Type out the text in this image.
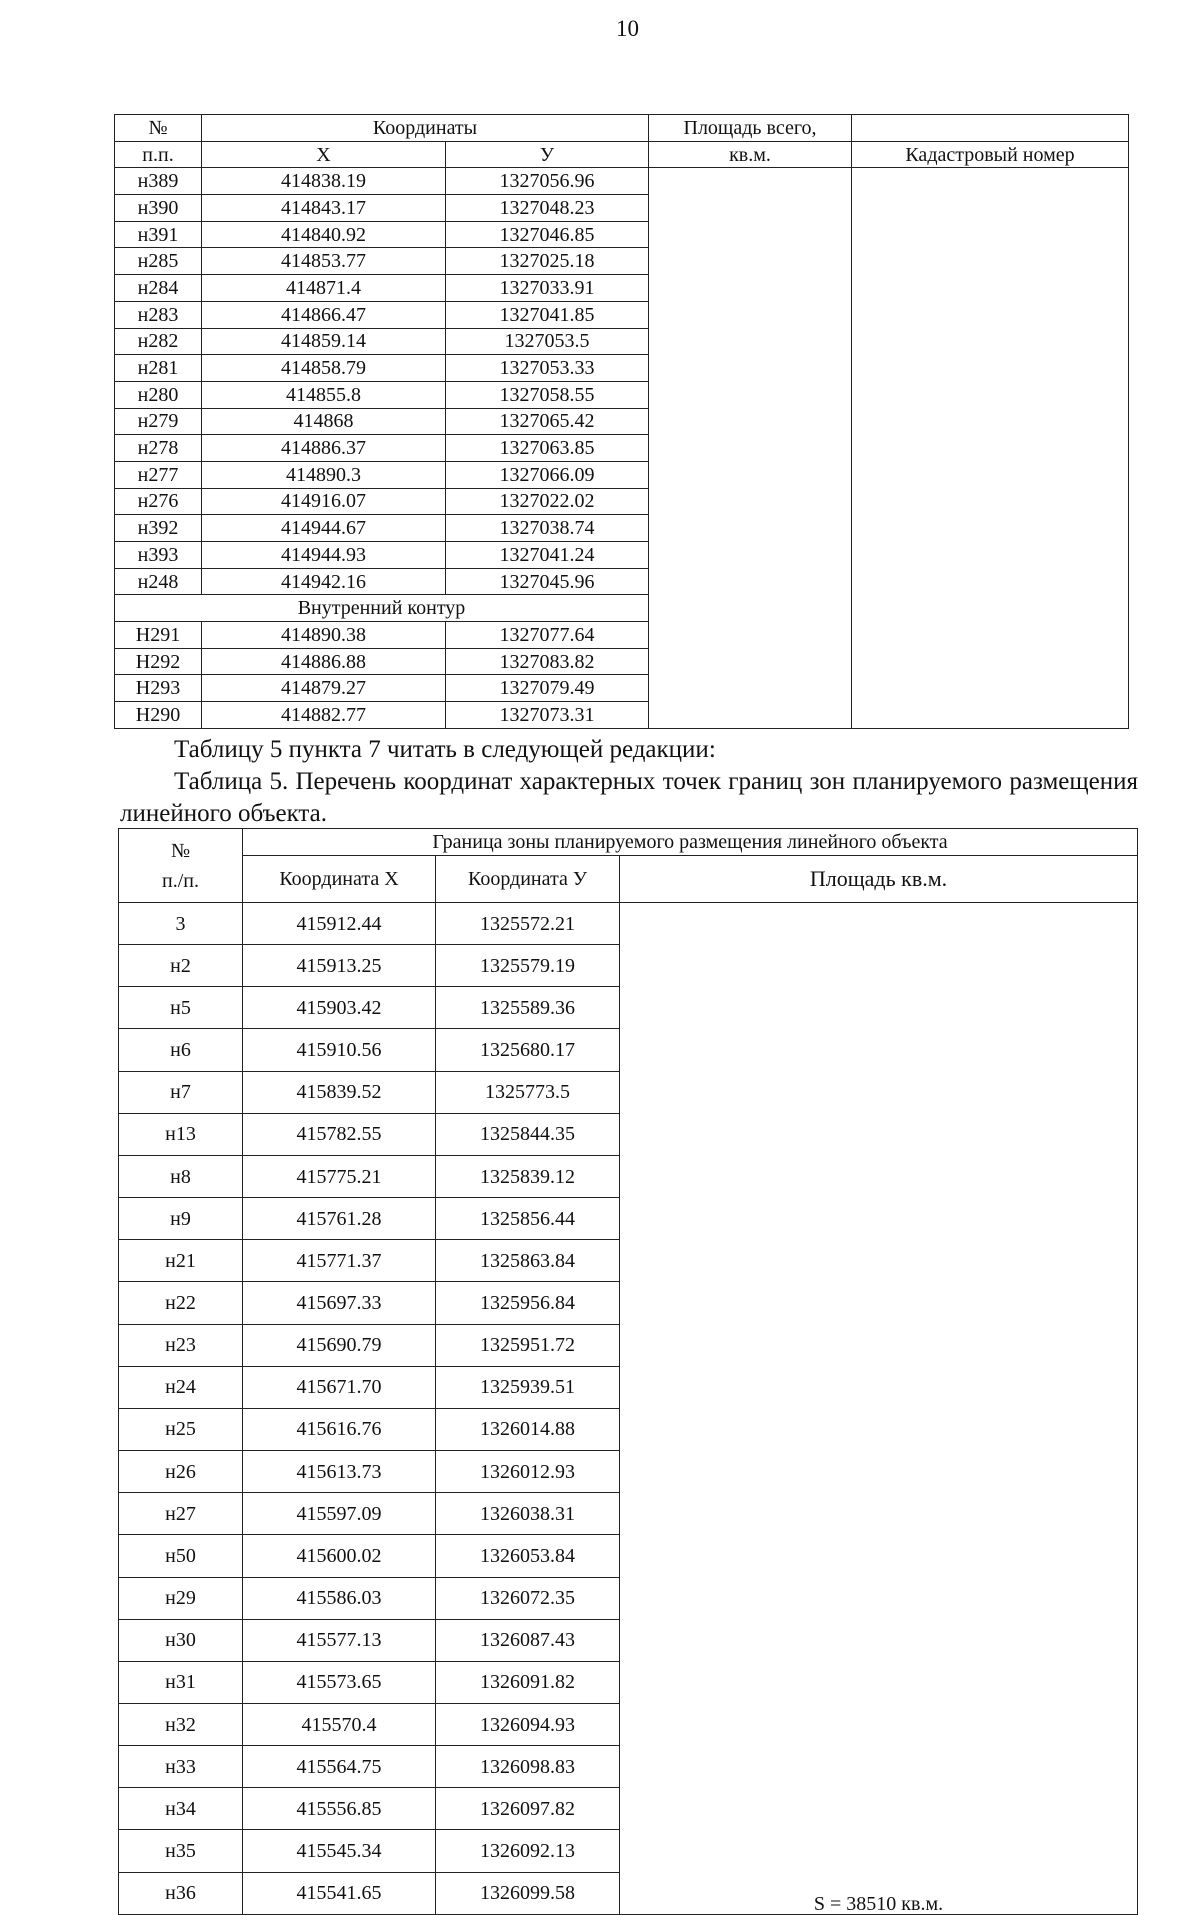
10
№	Координаты		Площадь всего,	
п.п.	Х	У	кв.м.	Кадастровый номер
н389	414838.19	1327056.96		
н390	414843.17	1327048.23		
н391	414840.92	1327046.85		
н285	414853.77	1327025.18		
н284	414871.4	1327033.91		
н283	414866.47	1327041.85		
н282	414859.14	1327053.5		
н281	414858.79	1327053.33		
н280	414855.8	1327058.55		
н279	414868	1327065.42		
н278	414886.37	1327063.85		
н277	414890.3	1327066.09		
н276	414916.07	1327022.02		
н392	414944.67	1327038.74		
н393	414944.93	1327041.24		
н248	414942.16	1327045.96		
Внутренний контур				
Н291	414890.38	1327077.64		
Н292	414886.88	1327083.82		
Н293	414879.27	1327079.49		
Н290	414882.77	1327073.31		
Таблицу 5 пункта 7 читать в следующей редакции:
Таблица 5. Перечень координат характерных точек границ зон планируемого размещения линейного объекта.
№
п./п.	Граница зоны планируемого размещения линейного объекта		
	Координата Х	Координата У	Площадь кв.м.
3	415912.44	1325572.21	S = 38510 кв.м.

н2	415913.25	1325579.19	
н5	415903.42	1325589.36	
н6	415910.56	1325680.17	
н7	415839.52	1325773.5	
н13	415782.55	1325844.35	
н8	415775.21	1325839.12	
н9	415761.28	1325856.44	
н21	415771.37	1325863.84	
н22	415697.33	1325956.84	
н23	415690.79	1325951.72	
н24	415671.70	1325939.51	
н25	415616.76	1326014.88	
н26	415613.73	1326012.93	
н27	415597.09	1326038.31	
н50	415600.02	1326053.84	
н29	415586.03	1326072.35	
н30	415577.13	1326087.43	
н31	415573.65	1326091.82	
н32	415570.4	1326094.93	
н33	415564.75	1326098.83	
н34	415556.85	1326097.82	
н35	415545.34	1326092.13	
н36	415541.65	1326099.58	
